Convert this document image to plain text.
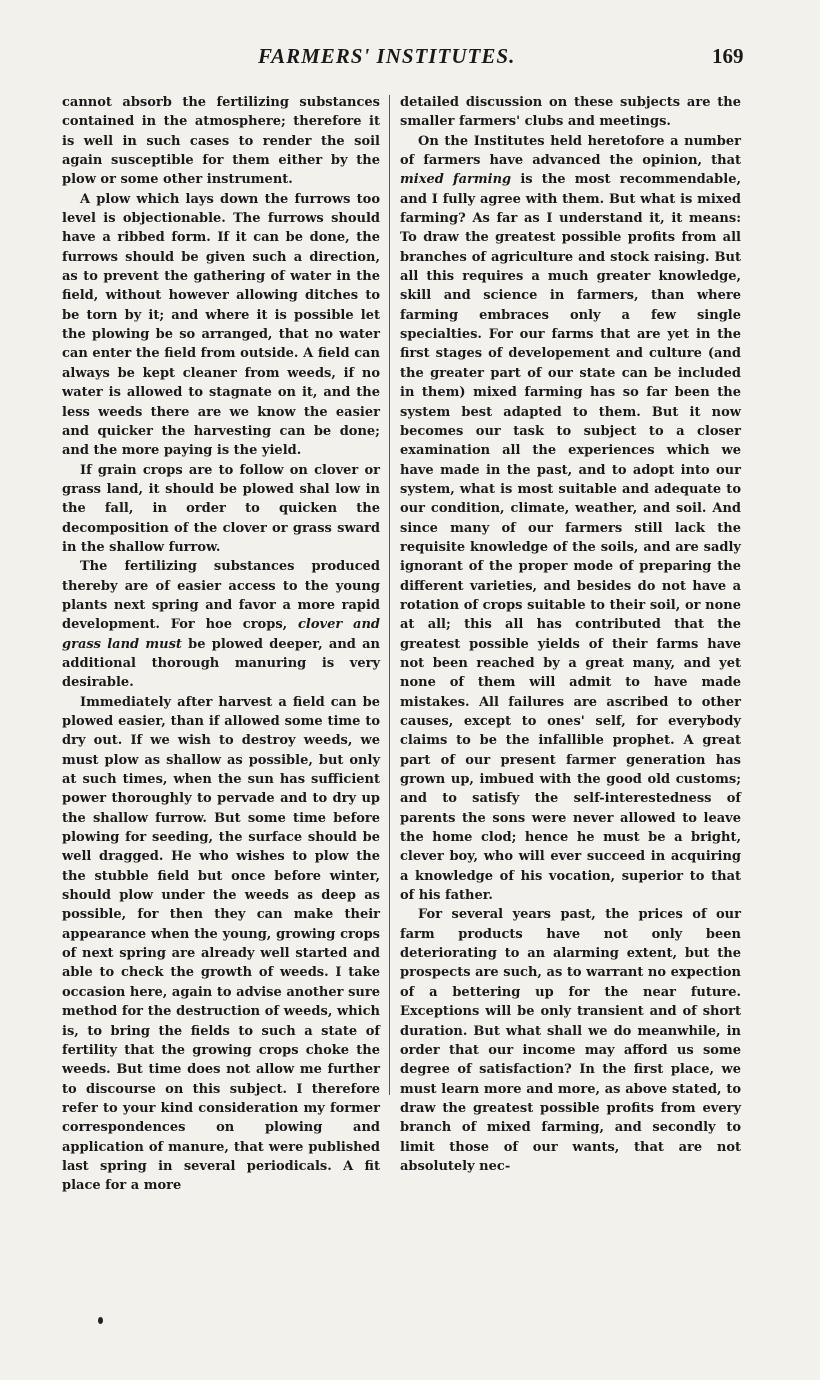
FARMERS' INSTITUTES.	169

cannot absorb the fertilizing substances contained in the atmosphere; therefore it is well in such cases to render the soil again susceptible for them either by the plow or some other instrument.

A plow which lays down the furrows too level is objectionable. The furrows should have a ribbed form. If it can be done, the furrows should be given such a direction, as to prevent the gathering of water in the field, without however allowing ditches to be torn by it; and where it is possible let the plowing be so arranged, that no water can enter the field from outside. A field can always be kept cleaner from weeds, if no water is allowed to stagnate on it, and the less weeds there are we know the easier and quicker the harvesting can be done; and the more paying is the yield.

If grain crops are to follow on clover or grass land, it should be plowed shal low in the fall, in order to quicken the decomposition of the clover or grass sward in the shallow furrow.

The fertilizing substances produced thereby are of easier access to the young plants next spring and favor a more rapid development. For hoe crops, clover and grass land must be plowed deeper, and an additional thorough manuring is very desirable.

Immediately after harvest a field can be plowed easier, than if allowed some time to dry out. If we wish to destroy weeds, we must plow as shallow as possible, but only at such times, when the sun has sufficient power thoroughly to pervade and to dry up the shallow furrow. But some time before plowing for seeding, the surface should be well dragged. He who wishes to plow the the stubble field but once before winter, should plow under the weeds as deep as possible, for then they can make their appearance when the young, growing crops of next spring are already well started and able to check the growth of weeds. I take occasion here, again to advise another sure method for the destruction of weeds, which is, to bring the fields to such a state of fertility that the growing crops choke the weeds. But time does not allow me further to discourse on this subject. I therefore refer to your kind consideration my former correspondences on plowing and application of manure, that were published last spring in several periodicals. A fit place for a more

detailed discussion on these subjects are the smaller farmers' clubs and meetings.

On the Institutes held heretofore a number of farmers have advanced the opinion, that mixed farming is the most recommendable, and I fully agree with them. But what is mixed farming? As far as I understand it, it means: To draw the greatest possible profits from all branches of agriculture and stock raising. But all this requires a much greater knowledge, skill and science in farmers, than where farming embraces only a few single specialties. For our farms that are yet in the first stages of developement and culture (and the greater part of our state can be included in them) mixed farming has so far been the system best adapted to them. But it now becomes our task to subject to a closer examination all the experiences which we have made in the past, and to adopt into our system, what is most suitable and adequate to our condition, climate, weather, and soil. And since many of our farmers still lack the requisite knowledge of the soils, and are sadly ignorant of the proper mode of preparing the different varieties, and besides do not have a rotation of crops suitable to their soil, or none at all; this all has contributed that the greatest possible yields of their farms have not been reached by a great many, and yet none of them will admit to have made mistakes. All failures are ascribed to other causes, except to ones' self, for everybody claims to be the infallible prophet. A great part of our present farmer generation has grown up, imbued with the good old customs; and to satisfy the self-interestedness of parents the sons were never allowed to leave the home clod; hence he must be a bright, clever boy, who will ever succeed in acquiring a knowledge of his vocation, superior to that of his father.

For several years past, the prices of our farm products have not only been deteriorating to an alarming extent, but the prospects are such, as to warrant no expection of a bettering up for the near future. Exceptions will be only transient and of short duration. But what shall we do meanwhile, in order that our income may afford us some degree of satisfaction? In the first place, we must learn more and more, as above stated, to draw the greatest possible profits from every branch of mixed farming, and secondly to limit those of our wants, that are not absolutely nec-
